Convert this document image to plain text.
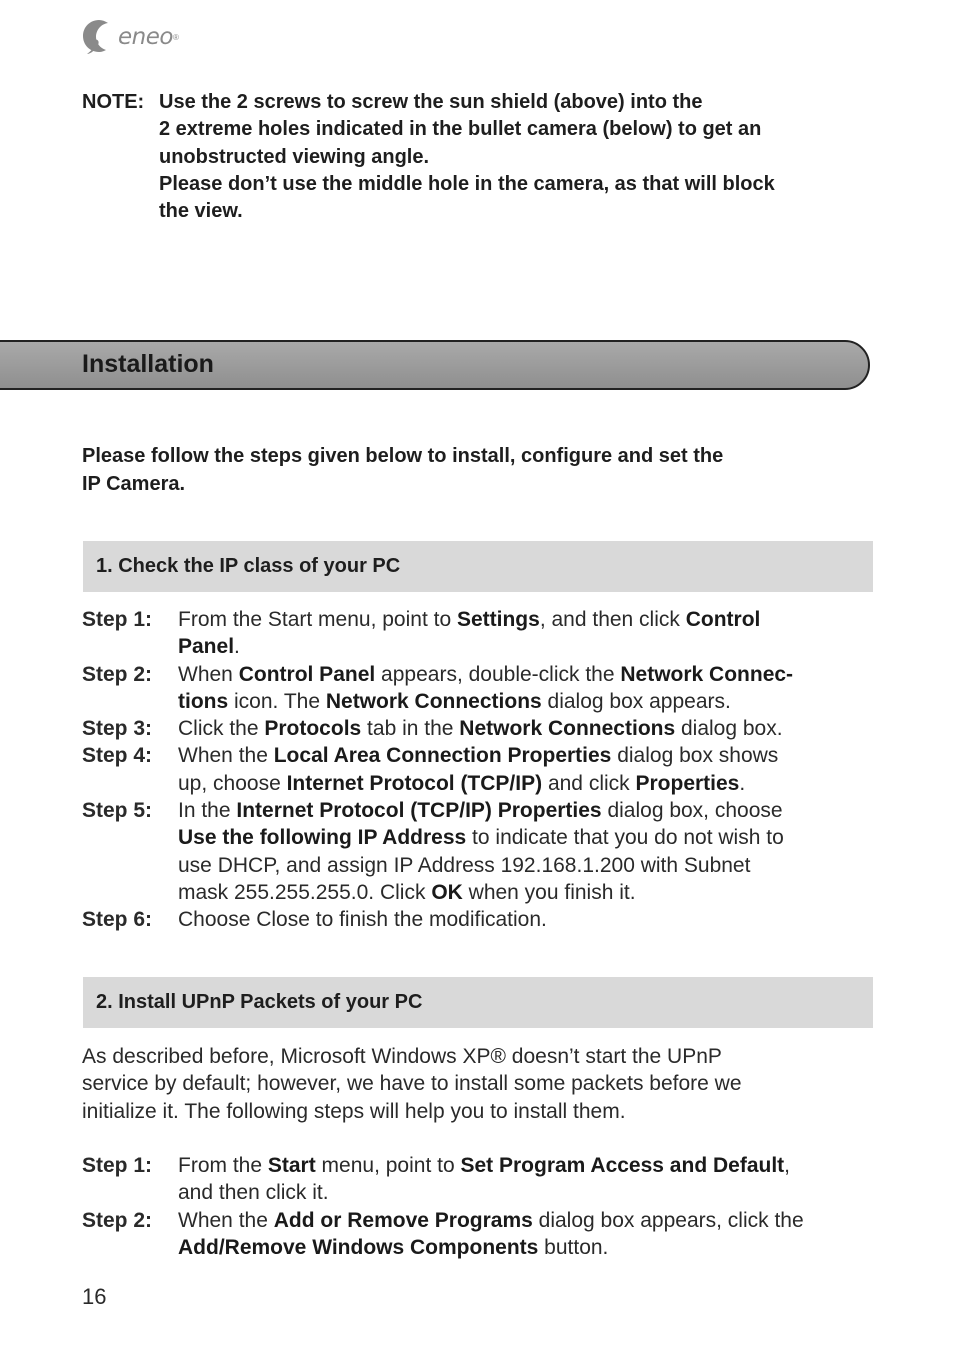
eneo ®
NOTE: Use the 2 screws to screw the sun shield (above) into the
2 extreme holes indicated in the bullet camera (below) to get an
unobstructed viewing angle.
Please don’t use the middle hole in the camera, as that will block
the view.
Installation
Please follow the steps given below to install, configure and set the
IP Camera.
1. Check the IP class of your PC
Step 1:	From the Start menu, point to Settings, and then click Control
Panel.
Step 2:	When Control Panel appears, double-click the Network Connec-
tions icon. The Network Connections dialog box appears.
Step 3:	Click the Protocols tab in the Network Connections dialog box.
Step 4:	When the Local Area Connection Properties dialog box shows
up, choose Internet Protocol (TCP/IP) and click Properties.
Step 5:	In the Internet Protocol (TCP/IP) Properties dialog box, choose
Use the following IP Address to indicate that you do not wish to
use DHCP, and assign IP Address 192.168.1.200 with Subnet
mask 255.255.255.0. Click OK when you finish it.
Step 6:	Choose Close to finish the modification.
2. Install UPnP Packets of your PC
As described before, Microsoft Windows XP® doesn’t start the UPnP
service by default; however, we have to install some packets before we
initialize it. The following steps will help you to install them.
Step 1:	From the Start menu, point to Set Program Access and Default,
and then click it.
Step 2:	When the Add or Remove Programs dialog box appears, click the
Add/Remove Windows Components button.
16
